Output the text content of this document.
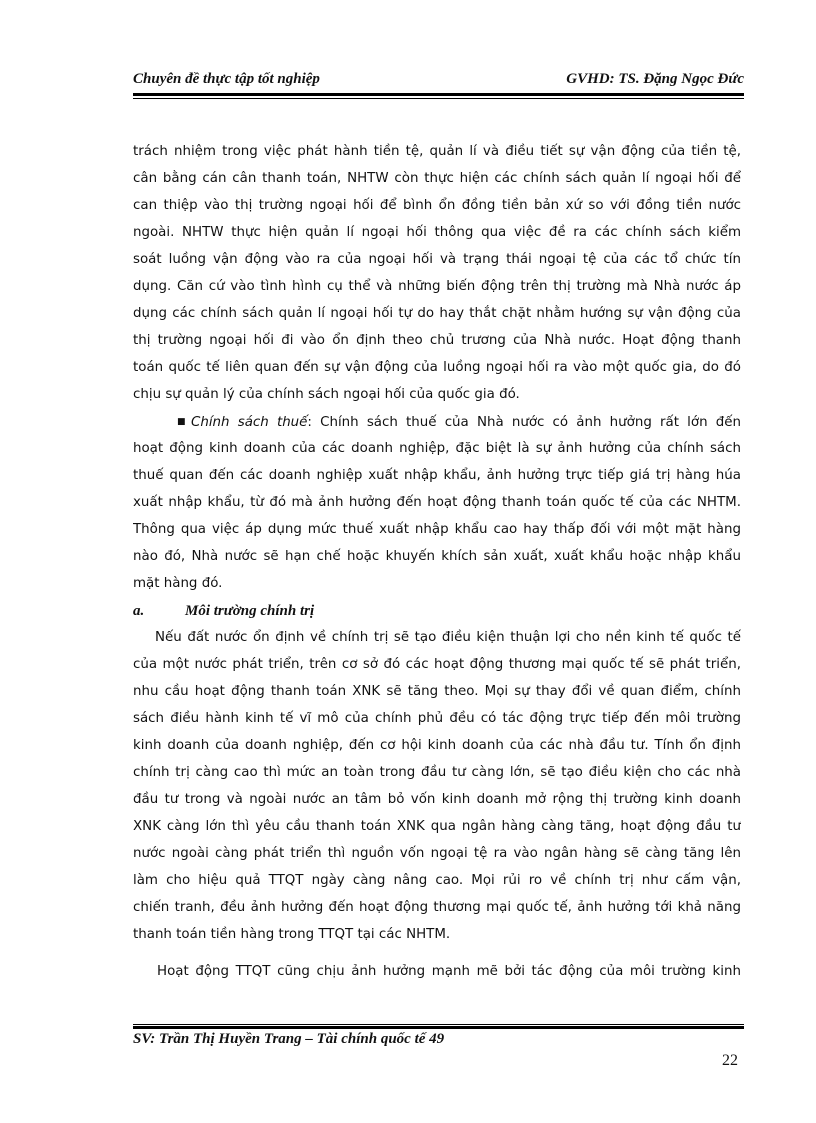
Chuyên đề thực tập tốt nghiệp	GVHD: TS. Đặng Ngọc Đức
trách nhiệm trong việc phát hành tiền tệ, quản lí và điều tiết sự vận động của tiền tệ,
cân bằng cán cân thanh toán, NHTW còn thực hiện các chính sách quản lí ngoại hối để
can thiệp vào thị trường ngoại hối để bình ổn đồng tiền bản xứ so với đồng tiền nước
ngoài. NHTW thực hiện quản lí ngoại hối thông qua việc đề ra các chính sách kiểm
soát luồng vận động vào ra của ngoại hối và trạng thái ngoại tệ của các tổ chức tín
dụng. Căn cứ vào tình hình cụ thể và những biến động trên thị trường mà Nhà nước áp
dụng các chính sách quản lí ngoại hối tự do hay thắt chặt nhằm hướng sự vận động của
thị trường ngoại hối đi vào ổn định theo chủ trương của Nhà nước. Hoạt động thanh
toán quốc tế liên quan đến sự vận động của luồng ngoại hối ra vào một quốc gia, do đó
chịu sự quản lý của chính sách ngoại hối của quốc gia đó.
■ Chính sách thuế: Chính sách thuế của Nhà nước có ảnh hưởng rất lớn đến
hoạt động kinh doanh của các doanh nghiệp, đặc biệt là sự ảnh hưởng của chính sách
thuế quan đến các doanh nghiệp xuất nhập khẩu, ảnh hưởng trực tiếp giá trị hàng húa
xuất nhập khẩu, từ đó mà ảnh hưởng đến hoạt động thanh toán quốc tế của các NHTM.
Thông qua việc áp dụng mức thuế xuất nhập khẩu cao hay thấp đối với một mặt hàng
nào đó, Nhà nước sẽ hạn chế hoặc khuyến khích sản xuất, xuất khẩu hoặc nhập khẩu
mặt hàng đó.
a.	Môi trường chính trị
Nếu đất nước ổn định về chính trị sẽ tạo điều kiện thuận lợi cho nền kinh tế quốc tế
của một nước phát triển, trên cơ sở đó các hoạt động thương mại quốc tế sẽ phát triển,
nhu cầu hoạt động thanh toán XNK sẽ tăng theo. Mọi sự thay đổi về quan điểm, chính
sách điều hành kinh tế vĩ mô của chính phủ đều có tác động trực tiếp đến môi trường
kinh doanh của doanh nghiệp, đến cơ hội kinh doanh của các nhà đầu tư. Tính ổn định
chính trị càng cao thì mức an toàn trong đầu tư càng lớn, sẽ tạo điều kiện cho các nhà
đầu tư trong và ngoài nước an tâm bỏ vốn kinh doanh mở rộng thị trường kinh doanh
XNK càng lớn thì yêu cầu thanh toán XNK qua ngân hàng càng tăng, hoạt động đầu tư
nước ngoài càng phát triển thì nguồn vốn ngoại tệ ra vào ngân hàng sẽ càng tăng lên
làm cho hiệu quả TTQT ngày càng nâng cao. Mọi rủi ro về chính trị như cấm vận,
chiến tranh, đều ảnh hưởng đến hoạt động thương mại quốc tế, ảnh hưởng tới khả năng
thanh toán tiền hàng trong TTQT tại các NHTM.
Hoạt động TTQT cũng chịu ảnh hưởng mạnh mẽ bởi tác động của môi trường kinh
SV: Trần Thị Huyền Trang – Tài chính quốc tế 49
22
